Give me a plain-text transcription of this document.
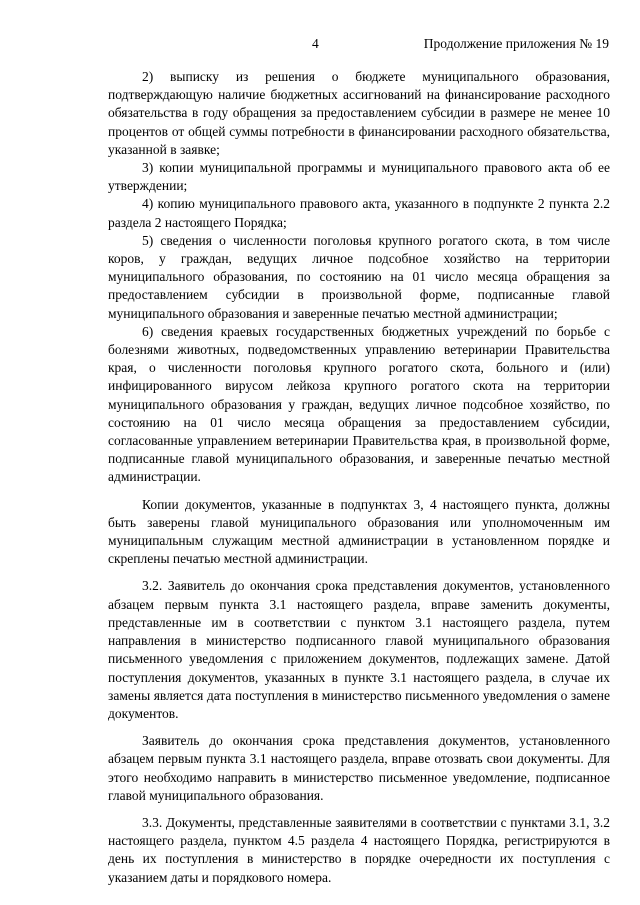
4	Продолжение приложения № 19

2) выписку из решения о бюджете муниципального образования, подтверждающую наличие бюджетных ассигнований на финансирование расходного обязательства в году обращения за предоставлением субсидии в размере не менее 10 процентов от общей суммы потребности в финансировании расходного обязательства, указанной в заявке;

3) копии муниципальной программы и муниципального правового акта об ее утверждении;

4) копию муниципального правового акта, указанного в подпункте 2 пункта 2.2 раздела 2 настоящего Порядка;

5) сведения о численности поголовья крупного рогатого скота, в том числе коров, у граждан, ведущих личное подсобное хозяйство на территории муниципального образования, по состоянию на 01 число месяца обращения за предоставлением субсидии в произвольной форме, подписанные главой муниципального образования и заверенные печатью местной администрации;

6) сведения краевых государственных бюджетных учреждений по борьбе с болезнями животных, подведомственных управлению ветеринарии Правительства края, о численности поголовья крупного рогатого скота, больного и (или) инфицированного вирусом лейкоза крупного рогатого скота на территории муниципального образования у граждан, ведущих личное подсобное хозяйство, по состоянию на 01 число месяца обращения за предоставлением субсидии, согласованные управлением ветеринарии Правительства края, в произвольной форме, подписанные главой муниципального образования, и заверенные печатью местной администрации.

Копии документов, указанные в подпунктах 3, 4 настоящего пункта, должны быть заверены главой муниципального образования или уполномоченным им муниципальным служащим местной администрации в установленном порядке и скреплены печатью местной администрации.

3.2. Заявитель до окончания срока представления документов, установленного абзацем первым пункта 3.1 настоящего раздела, вправе заменить документы, представленные им в соответствии с пунктом 3.1 настоящего раздела, путем направления в министерство подписанного главой муниципального образования письменного уведомления с приложением документов, подлежащих замене. Датой поступления документов, указанных в пункте 3.1 настоящего раздела, в случае их замены является дата поступления в министерство письменного уведомления о замене документов.

Заявитель до окончания срока представления документов, установленного абзацем первым пункта 3.1 настоящего раздела, вправе отозвать свои документы. Для этого необходимо направить в министерство письменное уведомление, подписанное главой муниципального образования.

3.3. Документы, представленные заявителями в соответствии с пунктами 3.1, 3.2 настоящего раздела, пунктом 4.5 раздела 4 настоящего Порядка, регистрируются в день их поступления в министерство в порядке очередности их поступления с указанием даты и порядкового номера.
